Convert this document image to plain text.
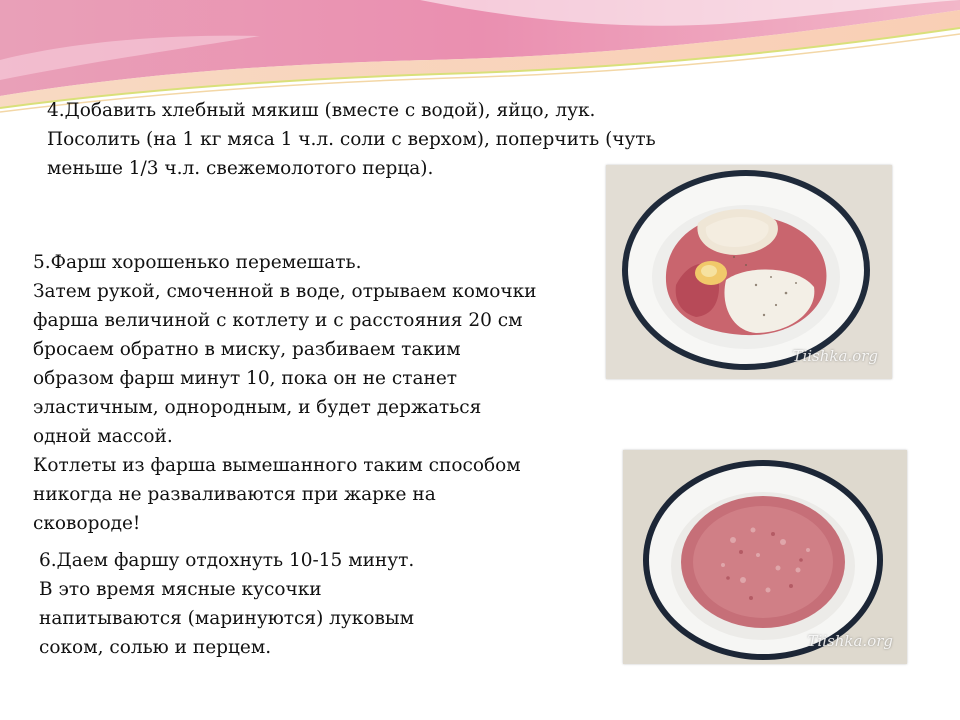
4.Добавить хлебный мякиш (вместе с водой), яйцо, лук.
Посолить (на 1 кг мяса 1 ч.л. соли с верхом), поперчить (чуть
меньше 1/3 ч.л. свежемолотого перца).
5.Фарш хорошенько перемешать.
Затем рукой, смоченной в воде, отрываем комочки
фарша величиной с котлету и с расстояния 20 см
бросаем обратно в миску, разбиваем таким
образом фарш минут 10, пока он не станет
эластичным, однородным, и будет держаться
одной массой.
Котлеты из фарша вымешанного таким способом
никогда не разваливаются при жарке на
сковороде!
6.Даем фаршу отдохнуть 10-15 минут.
В это время мясные кусочки
напитываются (маринуются) луковым
соком, солью и перцем.
Tiishka.org
Tiishka.org
